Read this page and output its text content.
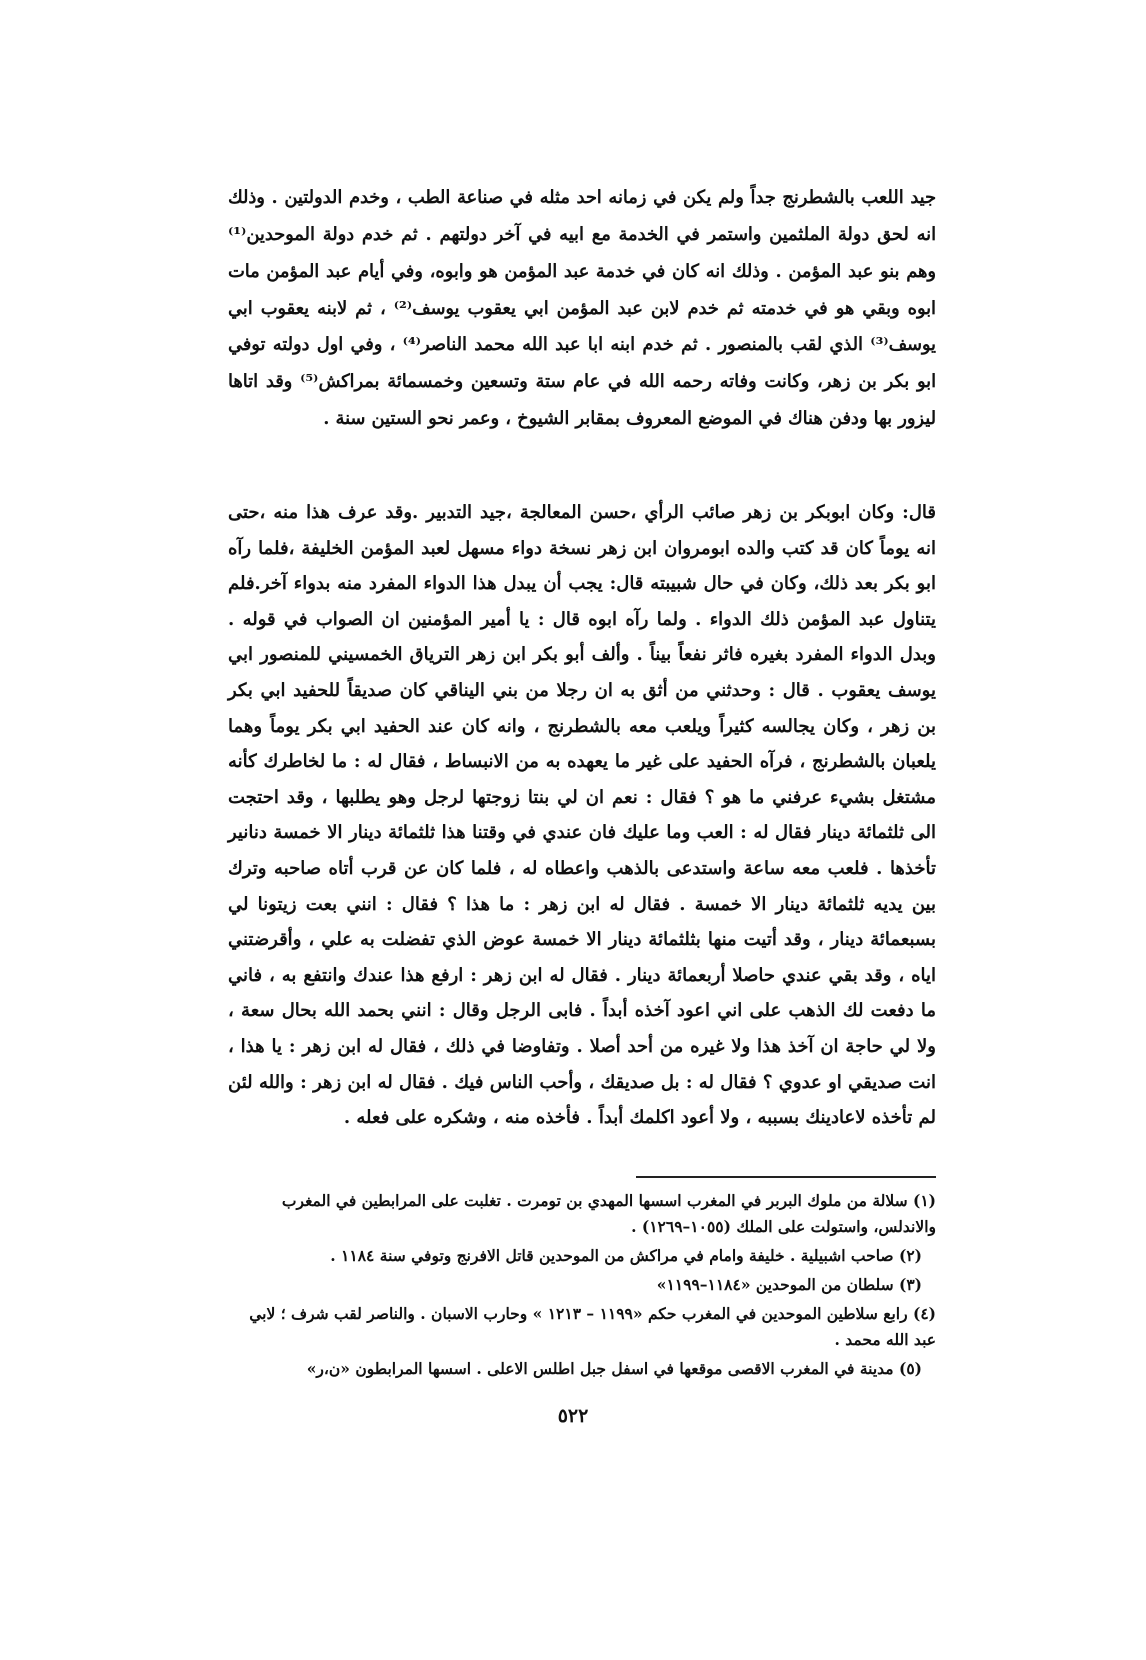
جيد اللعب بالشطرنج جداً ولم يكن في زمانه احد مثله في صناعة الطب ، وخدم الدولتين . وذلك انه لحق دولة الملثمين واستمر في الخدمة مع ابيه في آخر دولتهم . ثم خدم دولة الموحدين⁽¹⁾ وهم بنو عبد المؤمن . وذلك انه كان في خدمة عبد المؤمن هو وابوه، وفي أيام عبد المؤمن مات ابوه وبقي هو في خدمته ثم خدم لابن عبد المؤمن ابي يعقوب يوسف⁽²⁾ ، ثم لابنه يعقوب ابي يوسف⁽³⁾ الذي لقب بالمنصور . ثم خدم ابنه ابا عبد الله محمد الناصر⁽⁴⁾ ، وفي اول دولته توفي ابو بكر بن زهر، وكانت وفاته رحمه الله في عام ستة وتسعين وخمسمائة بمراكش⁽⁵⁾ وقد اتاها ليزور بها ودفن هناك في الموضع المعروف بمقابر الشيوخ ، وعمر نحو الستين سنة .

قال: وكان ابوبكر بن زهر صائب الرأي ،حسن المعالجة ،جيد التدبير .وقد عرف هذا منه ،حتى انه يوماً كان قد كتب والده ابومروان ابن زهر نسخة دواء مسهل لعبد المؤمن الخليفة ،فلما رآه ابو بكر بعد ذلك، وكان في حال شبيبته قال: يجب أن يبدل هذا الدواء المفرد منه بدواء آخر.فلم يتناول عبد المؤمن ذلك الدواء . ولما رآه ابوه قال : يا أمير المؤمنين ان الصواب في قوله . وبدل الدواء المفرد بغيره فاثر نفعاً بيناً . وألف أبو بكر ابن زهر الترياق الخمسيني للمنصور ابي يوسف يعقوب . قال : وحدثني من أثق به ان رجلا من بني اليناقي كان صديقاً للحفيد ابي بكر بن زهر ، وكان يجالسه كثيراً ويلعب معه بالشطرنج ، وانه كان عند الحفيد ابي بكر يوماً وهما يلعبان بالشطرنج ، فرآه الحفيد على غير ما يعهده به من الانبساط ، فقال له : ما لخاطرك كأنه مشتغل بشيء عرفني ما هو ؟ فقال : نعم ان لي بنتا زوجتها لرجل وهو يطلبها ، وقد احتجت الى ثلثمائة دينار فقال له : العب وما عليك فان عندي في وقتنا هذا ثلثمائة دينار الا خمسة دنانير تأخذها . فلعب معه ساعة واستدعى بالذهب واعطاه له ، فلما كان عن قرب أتاه صاحبه وترك بين يديه ثلثمائة دينار الا خمسة . فقال له ابن زهر : ما هذا ؟ فقال : انني بعت زيتونا لي بسبعمائة دينار ، وقد أتيت منها بثلثمائة دينار الا خمسة عوض الذي تفضلت به علي ، وأقرضتني اياه ، وقد بقي عندي حاصلا أربعمائة دينار . فقال له ابن زهر : ارفع هذا عندك وانتفع به ، فاني ما دفعت لك الذهب على اني اعود آخذه أبداً . فابى الرجل وقال : انني بحمد الله بحال سعة ، ولا لي حاجة ان آخذ هذا ولا غيره من أحد أصلا . وتفاوضا في ذلك ، فقال له ابن زهر : يا هذا ، انت صديقي او عدوي ؟ فقال له : بل صديقك ، وأحب الناس فيك . فقال له ابن زهر : والله لئن لم تأخذه لاعادينك بسببه ، ولا أعود اكلمك أبداً . فأخذه منه ، وشكره على فعله .

(١) سلالة من ملوك البربر في المغرب اسسها المهدي بن تومرت . تغلبت على المرابطين في المغرب والاندلس، واستولت على الملك (١٠٥٥–١٢٦٩) .

(٢) صاحب اشبيلية . خليفة وامام في مراكش من الموحدين قاتل الافرنج وتوفي سنة ١١٨٤ .

(٣) سلطان من الموحدين «١١٨٤–١١٩٩»

(٤) رابع سلاطين الموحدين في المغرب حكم «١١٩٩ – ١٢١٣ » وحارب الاسبان . والناصر لقب شرف ؛ لابي عبد الله محمد .

(٥) مدينة في المغرب الاقصى موقعها في اسفل جبل اطلس الاعلى . اسسها المرابطون «ن،ر»

٥٢٢
